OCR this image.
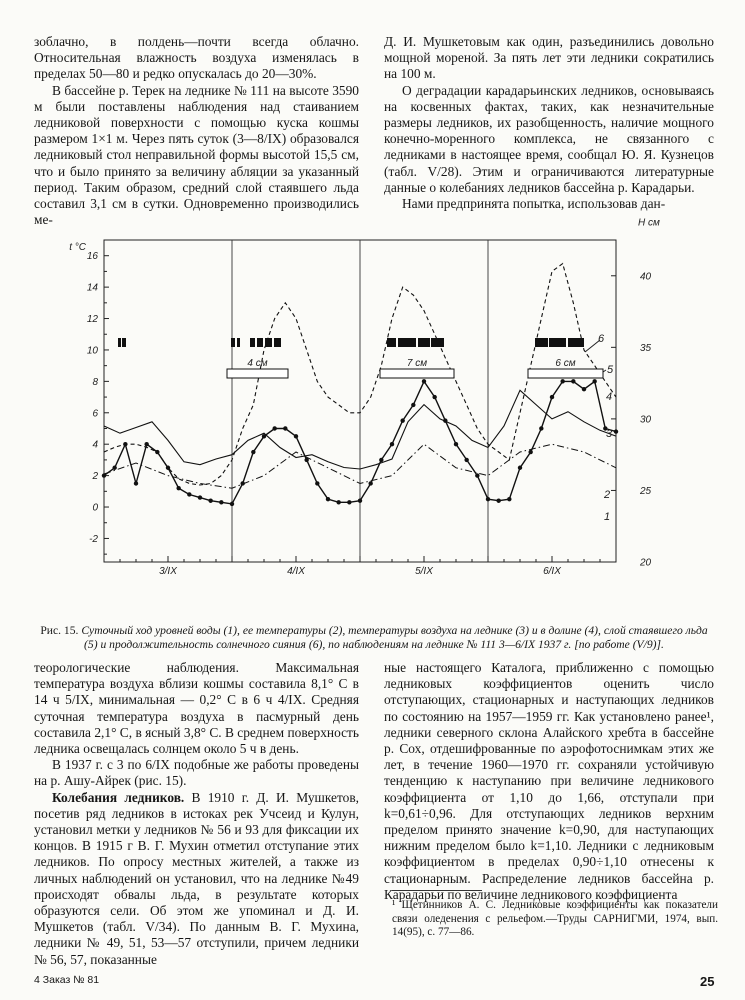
зоблачно, в полдень—почти всегда облачно. Относительная влажность воздуха изменялась в пределах 50—80 и редко опускалась до 20—30%.

В бассейне р. Терек на леднике № 111 на высоте 3590 м были поставлены наблюдения над стаиванием ледниковой поверхности с помощью куска кошмы размером 1×1 м. Через пять суток (3—8/IX) образовался ледниковый стол неправильной формы высотой 15,5 см, что и было принято за величину абляции за указанный период. Таким образом, средний слой стаявшего льда составил 3,1 см в сутки. Одновременно производились ме-

Д. И. Мушкетовым как один, разъединились довольно мощной мореной. За пять лет эти ледники сократились на 100 м.

О деградации карадарьинских ледников, основываясь на косвенных фактах, таких, как незначительные размеры ледников, их разобщенность, наличие мощного конечно-моренного комплекса, не связанного с ледниками в настоящее время, сообщал Ю. Я. Кузнецов (табл. V/28). Этим и ограничиваются литературные данные о колебаниях ледников бассейна р. Карадарьи.

Нами предпринята попытка, использовав дан-

-2
0
2
4
6
8
10
12
14
16
t °C
20
25
30
35
40
H см
3/IX	4/IX	5/IX	6/IX
1
2
3
4
5
6
4 см	7 см	6 см
Рис. 15. Суточный ход уровней воды (1), ее температуры (2), температуры воздуха на леднике (3) и в долине (4), слой стаявшего льда (5) и продолжительность солнечного сияния (6), по наблюдениям на леднике № 111 3—6/IX 1937 г. [по работе (V/9)].

теорологические наблюдения. Максимальная температура воздуха вблизи кошмы составила 8,1° С в 14 ч 5/IX, минимальная — 0,2° С в 6 ч 4/IX. Средняя суточная температура воздуха в пасмурный день составила 2,1° С, в ясный 3,8° С. В среднем поверхность ледника освещалась солнцем около 5 ч в день.

В 1937 г. с 3 по 6/IX подобные же работы проведены на р. Ашу-Айрек (рис. 15).

Колебания ледников. В 1910 г. Д. И. Мушкетов, посетив ряд ледников в истоках рек Учсеид и Кулун, установил метки у ледников № 56 и 93 для фиксации их концов. В 1915 г В. Г. Мухин отметил отступание этих ледников. По опросу местных жителей, а также из личных наблюдений он установил, что на леднике №49 происходят обвалы льда, в результате которых образуются сели. Об этом же упоминал и Д. И. Мушкетов (табл. V/34). По данным В. Г. Мухина, ледники № 49, 51, 53—57 отступили, причем ледники № 56, 57, показанные

ные настоящего Каталога, приближенно с помощью ледниковых коэффициентов оценить число отступающих, стационарных и наступающих ледников по состоянию на 1957—1959 гг. Как установлено ранее¹, ледники северного склона Алайского хребта в бассейне р. Сох, отдешифрованные по аэрофотоснимкам этих же лет, в течение 1960—1970 гг. сохраняли устойчивую тенденцию к наступанию при величине ледникового коэффициента от 1,10 до 1,66, отступали при k=0,61÷0,96. Для отступающих ледников верхним пределом принято значение k=0,90, для наступающих нижним пределом было k=1,10. Ледники с ледниковым коэффициентом в пределах 0,90÷1,10 отнесены к стационарным. Распределение ледников бассейна р. Карадарьи по величине ледникового коэффициента

¹ Щетинников А. С. Ледниковые коэффициенты как показатели связи оледенения с рельефом.—Труды САРНИГМИ, 1974, вып. 14(95), с. 77—86.
4 Заказ № 81	25
